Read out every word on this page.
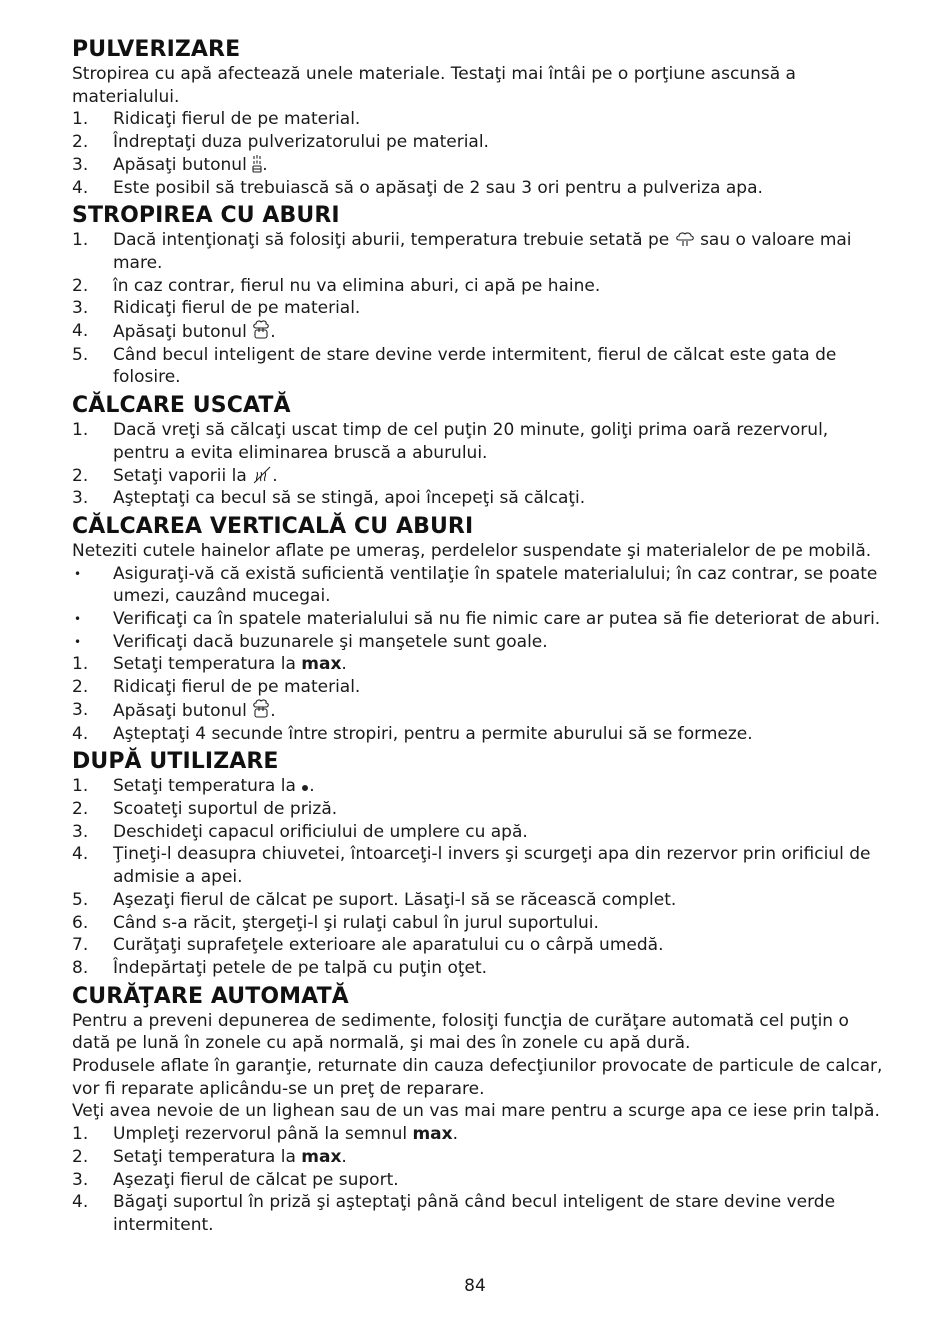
PULVERIZARE

Stropirea cu apă afectează unele materiale. Testaţi mai întâi pe o porţiune ascunsă a materialului.

1.	Ridicaţi fierul de pe material.
2.	Îndreptaţi duza pulverizatorului pe material.
3.	Apăsaţi butonul .
4.	Este posibil să trebuiască să o apăsaţi de 2 sau 3 ori pentru a pulveriza apa.
STROPIREA CU ABURI
1.	Dacă intenţionaţi să folosiţi aburii, temperatura trebuie setată pe  sau o valoare mai mare.
2.	în caz contrar, fierul nu va elimina aburi, ci apă pe haine.
3.	Ridicaţi fierul de pe material.
4.	Apăsaţi butonul .
5.	Când becul inteligent de stare devine verde intermitent, fierul de călcat este gata de folosire.
CĂLCARE USCATĂ
1.	Dacă vreţi să călcaţi uscat timp de cel puţin 20 minute, goliţi prima oară rezervorul, pentru a evita eliminarea bruscă a aburului.
2.	Setaţi vaporii la .
3.	Aşteptaţi ca becul să se stingă, apoi începeţi să călcaţi.
CĂLCAREA VERTICALĂ CU ABURI

Neteziti cutele hainelor aflate pe umeraş, perdelelor suspendate şi materialelor de pe mobilă.

•	Asiguraţi-vă că există suficientă ventilaţie în spatele materialului; în caz contrar, se poate umezi, cauzând mucegai.
•	Verificaţi ca în spatele materialului să nu fie nimic care ar putea să fie deteriorat de aburi.
•	Verificaţi dacă buzunarele şi manşetele sunt goale.
1.	Setaţi temperatura la max.
2.	Ridicaţi fierul de pe material.
3.	Apăsaţi butonul .
4.	Aşteptaţi 4 secunde între stropiri, pentru a permite aburului să se formeze.
DUPĂ UTILIZARE
1.	Setaţi temperatura la .
2.	Scoateţi suportul de priză.
3.	Deschideţi capacul orificiului de umplere cu apă.
4.	Ţineţi-l deasupra chiuvetei, întoarceţi-l invers şi scurgeţi apa din rezervor prin orificiul de admisie a apei.
5.	Aşezaţi fierul de călcat pe suport. Lăsaţi-l să se răcească complet.
6.	Când s-a răcit, ştergeţi-l şi rulaţi cabul în jurul suportului.
7.	Curăţaţi suprafeţele exterioare ale aparatului cu o cârpă umedă.
8.	Îndepărtaţi petele de pe talpă cu puţin oţet.
CURĂŢARE AUTOMATĂ

Pentru a preveni depunerea de sedimente, folosiţi funcţia de curăţare automată cel puţin o dată pe lună în zonele cu apă normală, şi mai des în zonele cu apă dură.

Produsele aflate în garanţie, returnate din cauza defecţiunilor provocate de particule de calcar, vor fi reparate aplicându-se un preţ de reparare.

Veţi avea nevoie de un lighean sau de un vas mai mare pentru a scurge apa ce iese prin talpă.

1.	Umpleţi rezervorul până la semnul max.
2.	Setaţi temperatura la max.
3.	Aşezaţi fierul de călcat pe suport.
4.	Băgaţi suportul în priză şi aşteptaţi până când becul inteligent de stare devine verde intermitent.
84
